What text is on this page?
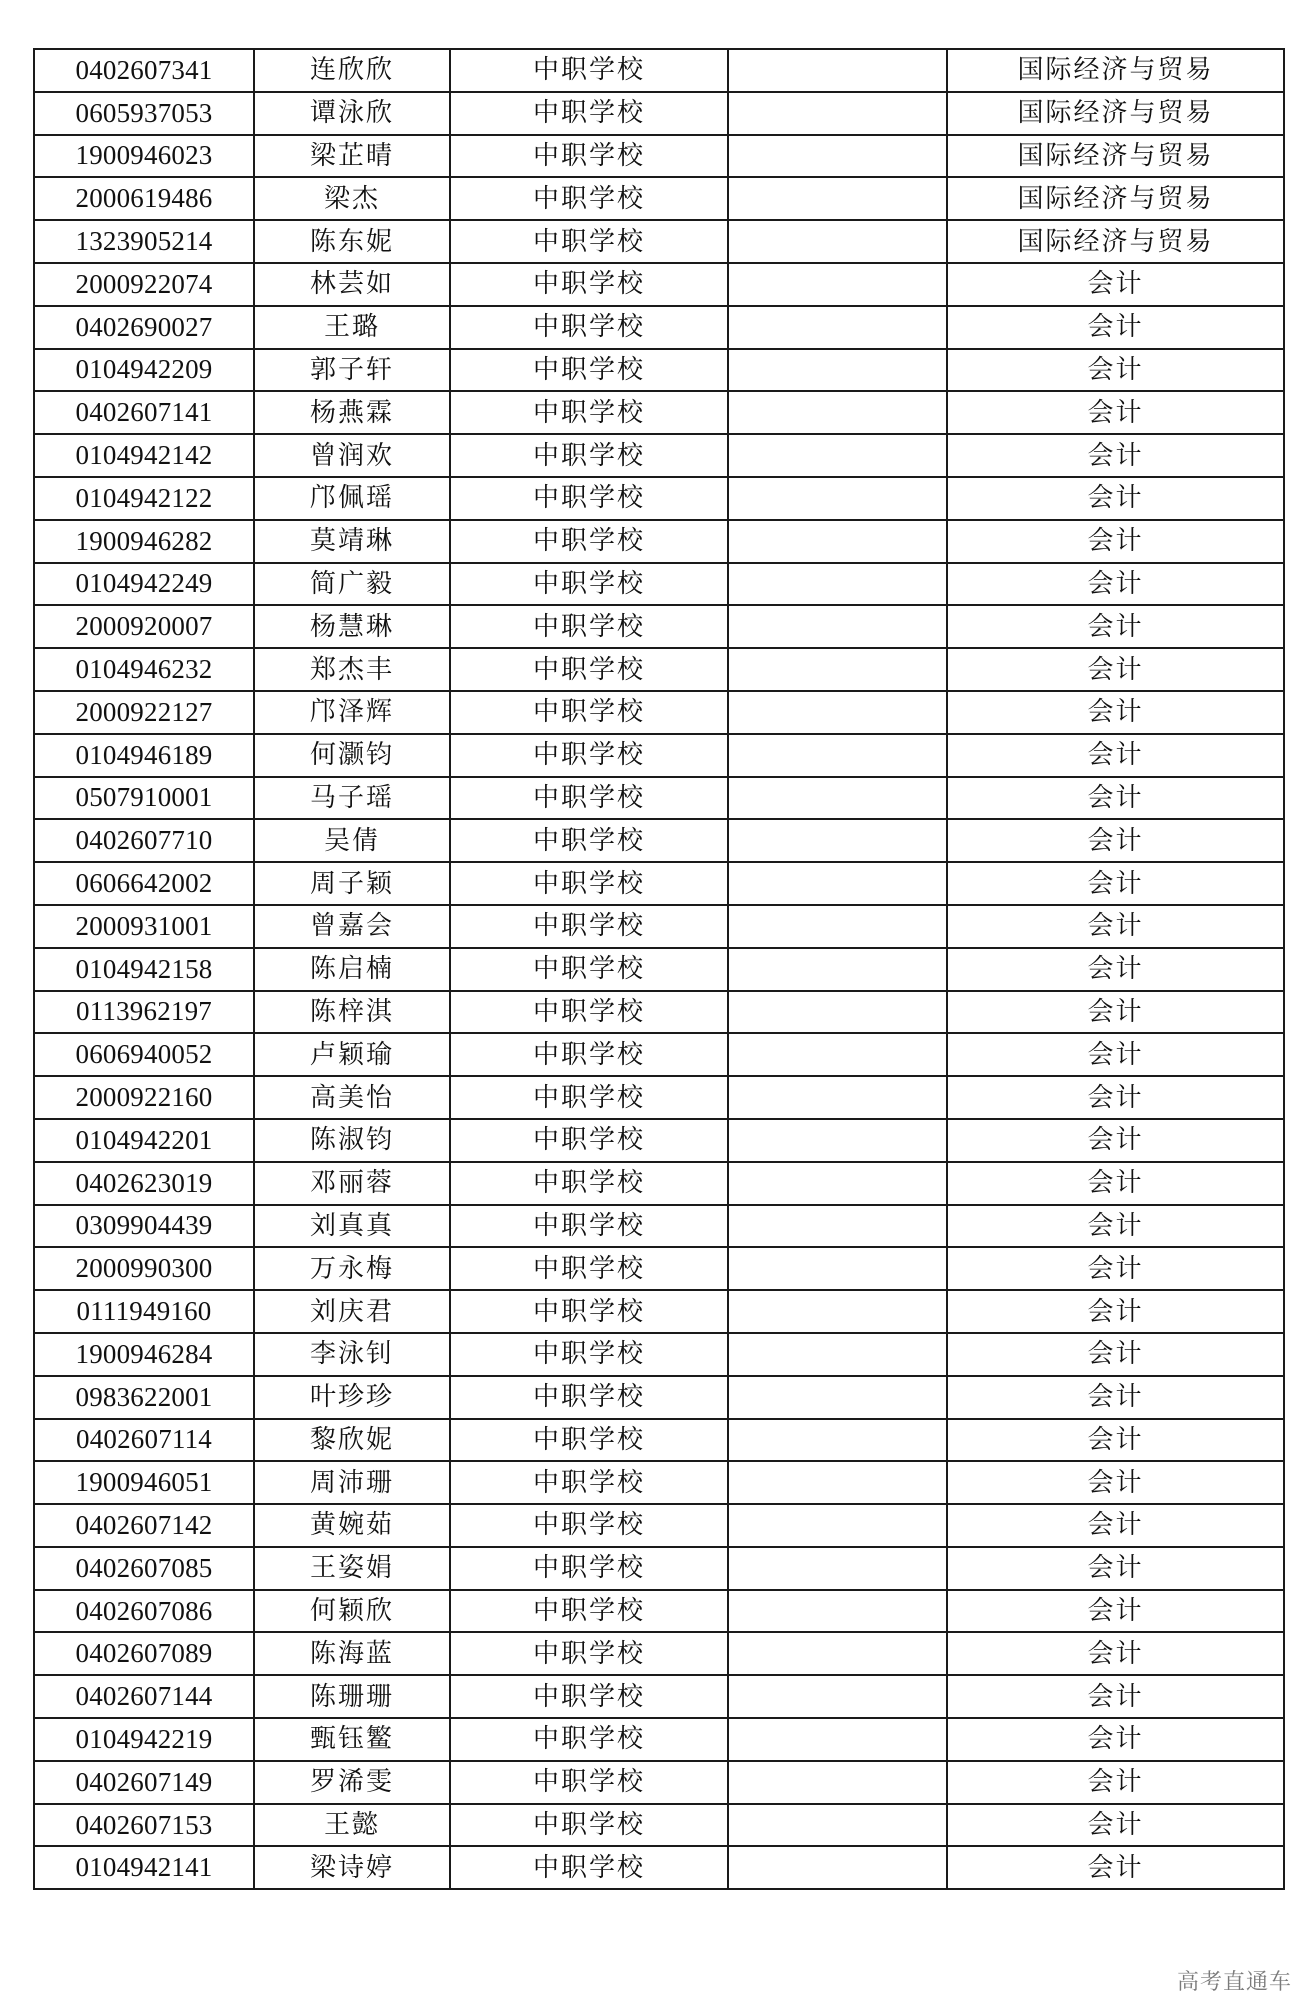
0402607341	连欣欣	中职学校		国际经济与贸易
0605937053	谭泳欣	中职学校		国际经济与贸易
1900946023	梁芷晴	中职学校		国际经济与贸易
2000619486	梁杰	中职学校		国际经济与贸易
1323905214	陈东妮	中职学校		国际经济与贸易
2000922074	林芸如	中职学校		会计
0402690027	王璐	中职学校		会计
0104942209	郭子轩	中职学校		会计
0402607141	杨燕霖	中职学校		会计
0104942142	曾润欢	中职学校		会计
0104942122	邝佩瑶	中职学校		会计
1900946282	莫靖琳	中职学校		会计
0104942249	简广毅	中职学校		会计
2000920007	杨慧琳	中职学校		会计
0104946232	郑杰丰	中职学校		会计
2000922127	邝泽辉	中职学校		会计
0104946189	何灏钧	中职学校		会计
0507910001	马子瑶	中职学校		会计
0402607710	吴倩	中职学校		会计
0606642002	周子颖	中职学校		会计
2000931001	曾嘉会	中职学校		会计
0104942158	陈启楠	中职学校		会计
0113962197	陈梓淇	中职学校		会计
0606940052	卢颖瑜	中职学校		会计
2000922160	高美怡	中职学校		会计
0104942201	陈淑钧	中职学校		会计
0402623019	邓丽蓉	中职学校		会计
0309904439	刘真真	中职学校		会计
2000990300	万永梅	中职学校		会计
0111949160	刘庆君	中职学校		会计
1900946284	李泳钊	中职学校		会计
0983622001	叶珍珍	中职学校		会计
0402607114	黎欣妮	中职学校		会计
1900946051	周沛珊	中职学校		会计
0402607142	黄婉茹	中职学校		会计
0402607085	王姿娟	中职学校		会计
0402607086	何颖欣	中职学校		会计
0402607089	陈海蓝	中职学校		会计
0402607144	陈珊珊	中职学校		会计
0104942219	甄钰鳘	中职学校		会计
0402607149	罗浠雯	中职学校		会计
0402607153	王懿	中职学校		会计
0104942141	梁诗婷	中职学校		会计
高考直通车
